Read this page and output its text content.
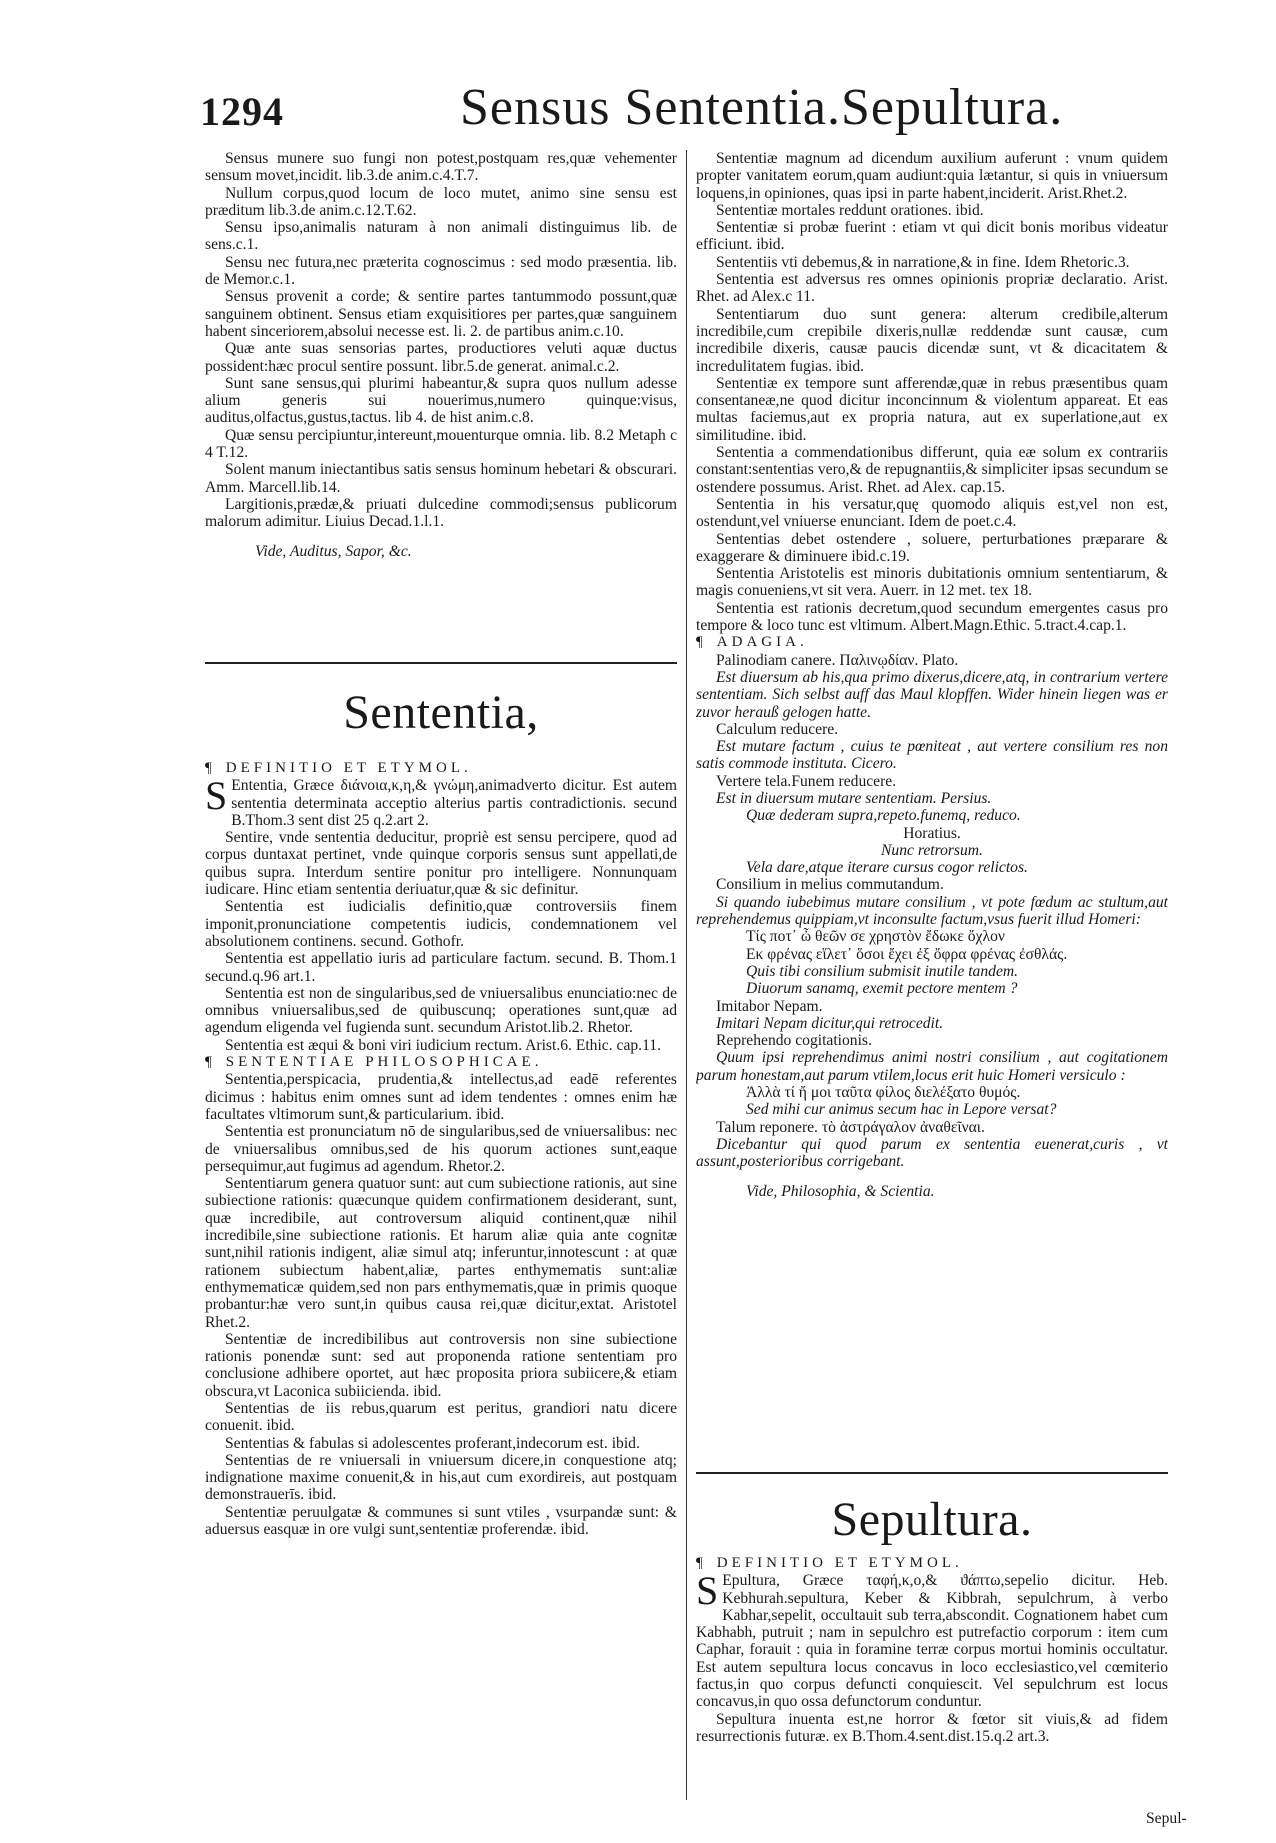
1294	Sensus Sententia.Sepultura.

Sensus munere suo fungi non potest,postquam res,quæ vehementer sensum movet,incidit. lib.3.de anim.c.4.T.7.

Nullum corpus,quod locum de loco mutet, animo sine sensu est præditum lib.3.de anim.c.12.T.62.

Sensu ipso,animalis naturam à non animali distinguimus lib. de sens.c.1.

Sensu nec futura,nec præterita cognoscimus : sed modo præsentia. lib. de Memor.c.1.

Sensus provenit a corde; & sentire partes tantummodo possunt,quæ sanguinem obtinent. Sensus etiam exquisitiores per partes,quæ sanguinem habent sinceriorem,absolui necesse est. li. 2. de partibus anim.c.10.

Quæ ante suas sensorias partes, productiores veluti aquæ ductus possident:hæc procul sentire possunt. libr.5.de generat. animal.c.2.

Sunt sane sensus,qui plurimi habeantur,& supra quos nullum adesse alium generis sui nouerimus,numero quinque:visus, auditus,olfactus,gustus,tactus. lib 4. de hist anim.c.8.

Quæ sensu percipiuntur,intereunt,mouenturque omnia. lib. 8.2 Metaph c 4 T.12.

Solent manum iniectantibus satis sensus hominum hebetari & obscurari. Amm. Marcell.lib.14.

Largitionis,prædæ,& priuati dulcedine commodi;sensus publicorum malorum adimitur. Liuius Decad.1.l.1.

Vide, Auditus, Sapor, &c.

Sententia,

¶ DEFINITIO ET ETYMOL.

S Ententia, Græce διάνοια,κ,η,& γνώμη,animadverto dicitur. Est autem sententia determinata acceptio alterius partis contradictionis. secund B.Thom.3 sent dist 25 q.2.art 2.

Sentire, vnde sententia deducitur, propriè est sensu percipere, quod ad corpus duntaxat pertinet, vnde quinque corporis sensus sunt appellati,de quibus supra. Interdum sentire ponitur pro intelligere. Nonnunquam iudicare. Hinc etiam sententia deriuatur,quæ & sic definitur.

Sententia est iudicialis definitio,quæ controversiis finem imponit,pronunciatione competentis iudicis, condemnationem vel absolutionem continens. secund. Gothofr.

Sententia est appellatio iuris ad particulare factum. secund. B. Thom.1 secund.q.96 art.1.

Sententia est non de singularibus,sed de vniuersalibus enunciatio:nec de omnibus vniuersalibus,sed de quibuscunq; operationes sunt,quæ ad agendum eligenda vel fugienda sunt. secundum Aristot.lib.2. Rhetor.

Sententia est æqui & boni viri iudicium rectum. Arist.6. Ethic. cap.11.

¶ SENTENTIAE PHILOSOPHICAE.

Sententia,perspicacia, prudentia,& intellectus,ad eadē referentes dicimus : habitus enim omnes sunt ad idem tendentes : omnes enim hæ facultates vltimorum sunt,& particularium. ibid.

Sententia est pronunciatum nō de singularibus,sed de vniuersalibus: nec de vniuersalibus omnibus,sed de his quorum actiones sunt,eaque persequimur,aut fugimus ad agendum. Rhetor.2.

Sententiarum genera quatuor sunt: aut cum subiectione rationis, aut sine subiectione rationis: quæcunque quidem confirmationem desiderant, sunt, quæ incredibile, aut controversum aliquid continent,quæ nihil incredibile,sine subiectione rationis. Et harum aliæ quia ante cognitæ sunt,nihil rationis indigent, aliæ simul atq; inferuntur,innotescunt : at quæ rationem subiectum habent,aliæ, partes enthymematis sunt:aliæ enthymematicæ quidem,sed non pars enthymematis,quæ in primis quoque probantur:hæ vero sunt,in quibus causa rei,quæ dicitur,extat. Aristotel Rhet.2.

Sententiæ de incredibilibus aut controversis non sine subiectione rationis ponendæ sunt: sed aut proponenda ratione sententiam pro conclusione adhibere oportet, aut hæc proposita priora subiicere,& etiam obscura,vt Laconica subiicienda. ibid.

Sententias de iis rebus,quarum est peritus, grandiori natu dicere conuenit. ibid.

Sententias & fabulas si adolescentes proferant,indecorum est. ibid.

Sententias de re vniuersali in vniuersum dicere,in conquestione atq; indignatione maxime conuenit,& in his,aut cum exordireis, aut postquam demonstrauerīs. ibid.

Sententiæ peruulgatæ & communes si sunt vtiles , vsurpandæ sunt: & aduersus easquæ in ore vulgi sunt,sententiæ proferendæ. ibid.

Sententiæ magnum ad dicendum auxilium auferunt : vnum quidem propter vanitatem eorum,quam audiunt:quia lætantur, si quis in vniuersum loquens,in opiniones, quas ipsi in parte habent,inciderit. Arist.Rhet.2.

Sententiæ mortales reddunt orationes. ibid.

Sententiæ si probæ fuerint : etiam vt qui dicit bonis moribus videatur efficiunt. ibid.

Sententiis vti debemus,& in narratione,& in fine. Idem Rhetoric.3.

Sententia est adversus res omnes opinionis propriæ declaratio. Arist. Rhet. ad Alex.c 11.

Sententiarum duo sunt genera: alterum credibile,alterum incredibile,cum crepibile dixeris,nullæ reddendæ sunt causæ, cum incredibile dixeris, causæ paucis dicendæ sunt, vt & dicacitatem & incredulitatem fugias. ibid.

Sententiæ ex tempore sunt afferendæ,quæ in rebus præsentibus quam consentaneæ,ne quod dicitur inconcinnum & violentum appareat. Et eas multas faciemus,aut ex propria natura, aut ex superlatione,aut ex similitudine. ibid.

Sententia a commendationibus differunt, quia eæ solum ex contrariis constant:sententias vero,& de repugnantiis,& simpliciter ipsas secundum se ostendere possumus. Arist. Rhet. ad Alex. cap.15.

Sententia in his versatur,quę quomodo aliquis est,vel non est, ostendunt,vel vniuerse enunciant. Idem de poet.c.4.

Sententias debet ostendere , soluere, perturbationes præparare & exaggerare & diminuere ibid.c.19.

Sententia Aristotelis est minoris dubitationis omnium sententiarum, & magis conueniens,vt sit vera. Auerr. in 12 met. tex 18.

Sententia est rationis decretum,quod secundum emergentes casus pro tempore & loco tunc est vltimum. Albert.Magn.Ethic. 5.tract.4.cap.1.

¶ ADAGIA.

Palinodiam canere. Παλινῳδίαν. Plato.

Est diuersum ab his,qua primo dixerus,dicere,atq, in contrarium vertere sententiam. Sich selbst auff das Maul klopffen. Wider hinein liegen was er zuvor herauß gelogen hatte.

Calculum reducere.

Est mutare factum , cuius te pœniteat , aut vertere consilium res non satis commode instituta. Cicero.

Vertere tela.Funem reducere.

Est in diuersum mutare sententiam. Persius.

Quæ dederam supra,repeto.funemq, reduco.

Horatius.

Nunc retrorsum.

Vela dare,atque iterare cursus cogor relictos.

Consilium in melius commutandum.

Si quando iubebimus mutare consilium , vt pote fœdum ac stultum,aut reprehendemus quippiam,vt inconsulte factum,vsus fuerit illud Homeri:

Τίς ποτ᾽ ὦ θεῶν σε χρηστὸν ἔδωκε ὄχλον

Εκ φρένας εἵλετ᾽ ὅσοι ἔχει ἐξ ὄφρα φρένας ἐσθλάς.

Quis tibi consilium submisit inutile tandem.

Diuorum sanamq, exemit pectore mentem ?

Imitabor Nepam.

Imitari Nepam dicitur,qui retrocedit.

Reprehendo cogitationis.

Quum ipsi reprehendimus animi nostri consilium , aut cogitationem parum honestam,aut parum vtilem,locus erit huic Homeri versiculo :

Ἀλλὰ τί ἤ μοι ταῦτα φίλος διελέξατο θυμός.

Sed mihi cur animus secum hac in Lepore versat?

Talum reponere. τὸ ἀστράγαλον ἀναθεῖναι.

Dicebantur qui quod parum ex sententia euenerat,curis , vt assunt,posterioribus corrigebant.

Vide, Philosophia, & Scientia.

Sepultura.

¶ DEFINITIO ET ETYMOL.

S Epultura, Græce ταφή,κ,ο,& ϑάπτω,sepelio dicitur. Heb. Kebhurah.sepultura, Keber & Kibbrah, sepulchrum, à verbo Kabhar,sepelit, occultauit sub terra,abscondit. Cognationem habet cum Kabhabh, putruit ; nam in sepulchro est putrefactio corporum : item cum Caphar, forauit : quia in foramine terræ corpus mortui hominis occultatur. Est autem sepultura locus concavus in loco ecclesiastico,vel cœmiterio factus,in quo corpus defuncti conquiescit. Vel sepulchrum est locus concavus,in quo ossa defunctorum conduntur.

Sepultura inuenta est,ne horror & fœtor sit viuis,& ad fidem resurrectionis futuræ. ex B.Thom.4.sent.dist.15.q.2 art.3.

Sepul-
